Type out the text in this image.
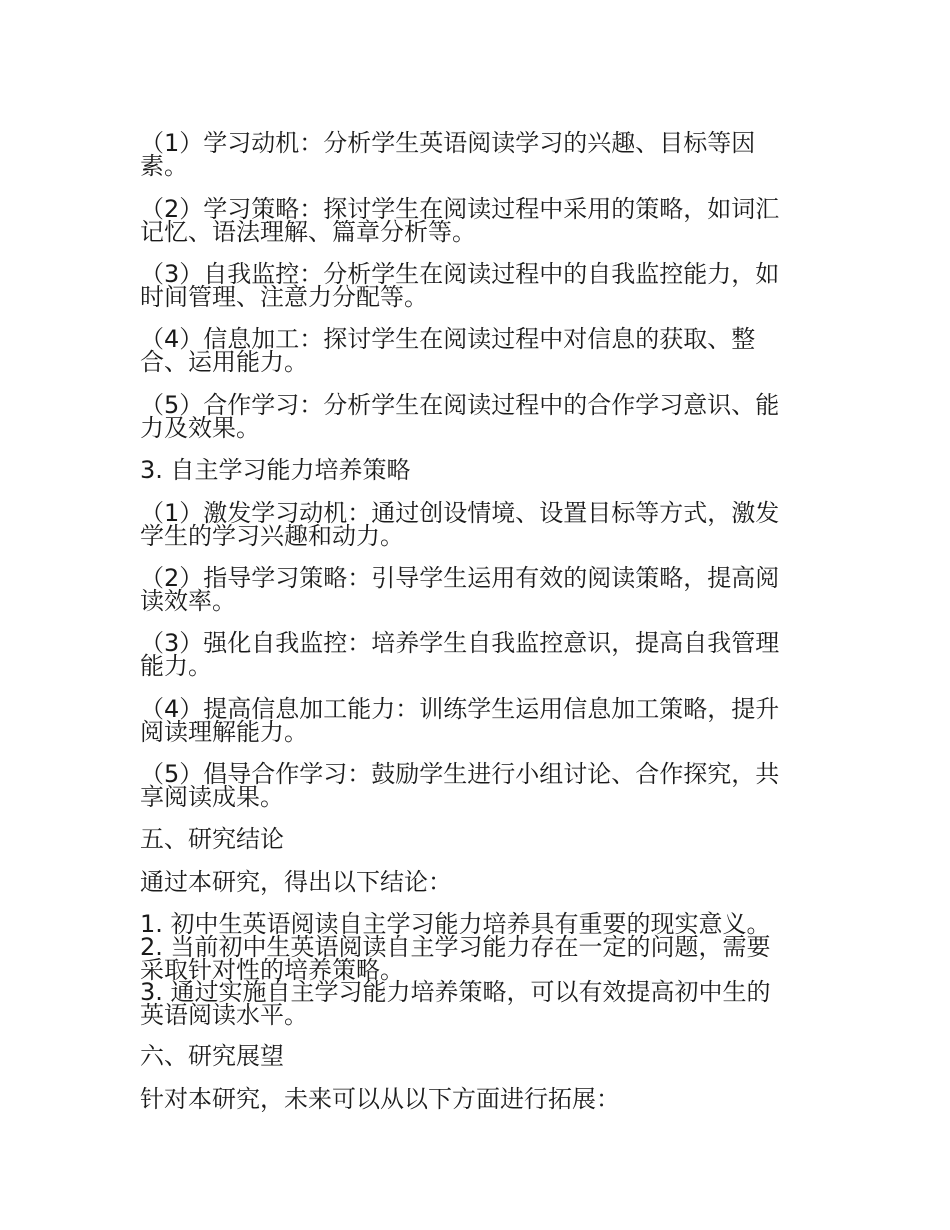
（1）学习动机：分析学生英语阅读学习的兴趣、目标等因
素。
（2）学习策略：探讨学生在阅读过程中采用的策略，如词汇
记忆、语法理解、篇章分析等。
（3）自我监控：分析学生在阅读过程中的自我监控能力，如
时间管理、注意力分配等。
（4）信息加工：探讨学生在阅读过程中对信息的获取、整
合、运用能力。
（5）合作学习：分析学生在阅读过程中的合作学习意识、能
力及效果。
3. 自主学习能力培养策略
（1）激发学习动机：通过创设情境、设置目标等方式，激发
学生的学习兴趣和动力。
（2）指导学习策略：引导学生运用有效的阅读策略，提高阅
读效率。
（3）强化自我监控：培养学生自我监控意识，提高自我管理
能力。
（4）提高信息加工能力：训练学生运用信息加工策略，提升
阅读理解能力。
（5）倡导合作学习：鼓励学生进行小组讨论、合作探究，共
享阅读成果。
五、研究结论
通过本研究，得出以下结论：
1. 初中生英语阅读自主学习能力培养具有重要的现实意义。
2. 当前初中生英语阅读自主学习能力存在一定的问题，需要
采取针对性的培养策略。
3. 通过实施自主学习能力培养策略，可以有效提高初中生的
英语阅读水平。
六、研究展望
针对本研究，未来可以从以下方面进行拓展：
